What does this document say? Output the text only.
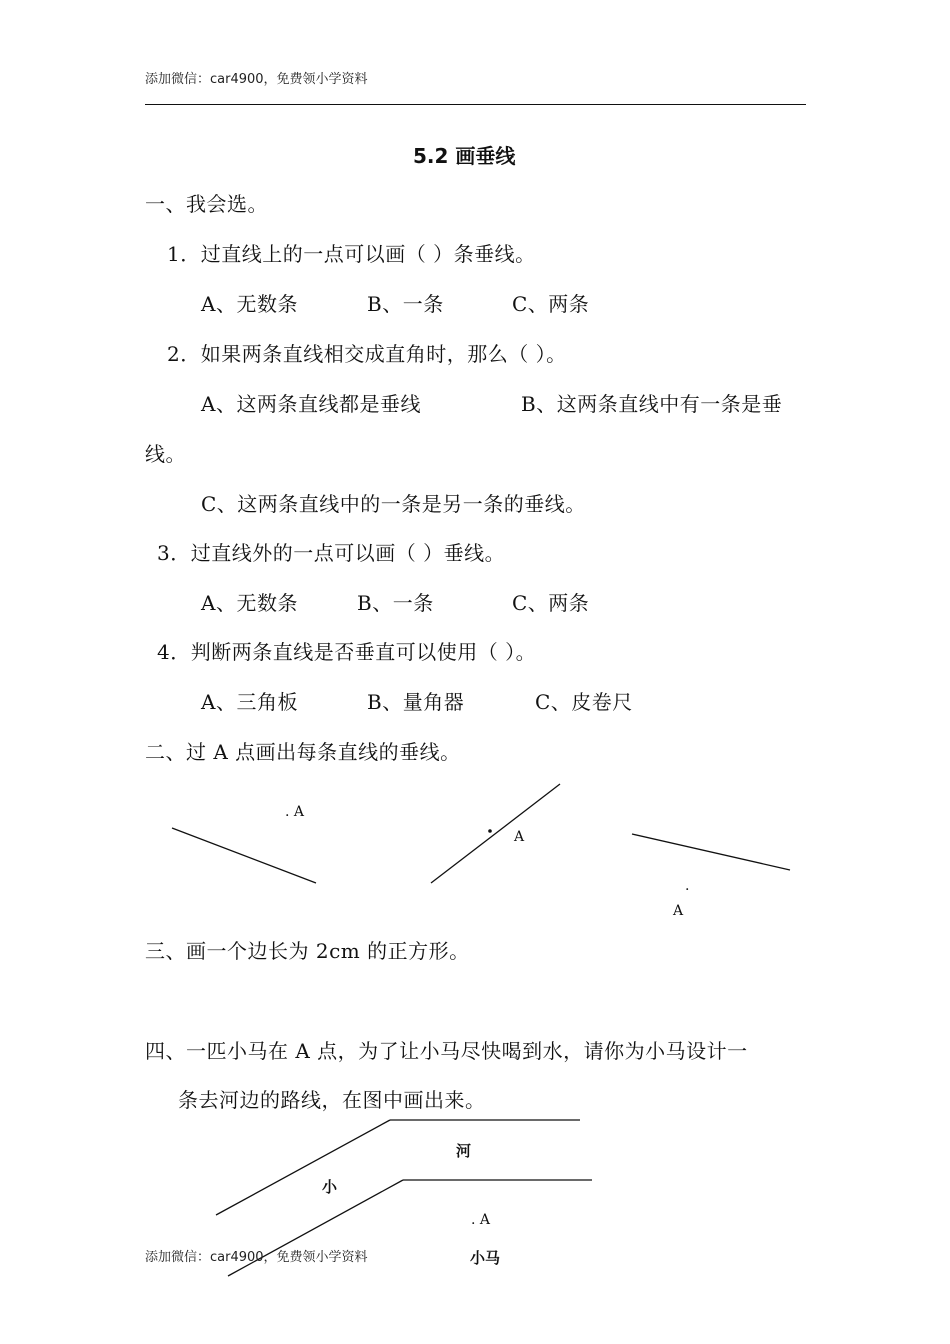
添加微信：car4900，免费领小学资料
5.2 画垂线
一、我会选。
1．过直线上的一点可以画（ ）条垂线。
A、无数条	B、一条	C、两条
2．如果两条直线相交成直角时，那么（ ）。
A、这两条直线都是垂线	B、这两条直线中有一条是垂
线。
C、这两条直线中的一条是另一条的垂线。
3．过直线外的一点可以画（ ）垂线。
A、无数条	B、一条	C、两条
4．判断两条直线是否垂直可以使用（ ）。
A、三角板	B、量角器	C、皮卷尺
二、过 A 点画出每条直线的垂线。
. A
A
.
A
三、画一个边长为 2cm 的正方形。
四、一匹小马在 A 点，为了让小马尽快喝到水，请你为小马设计一
条去河边的路线，在图中画出来。
河
小
. A
小马
添加微信：car4900，免费领小学资料
